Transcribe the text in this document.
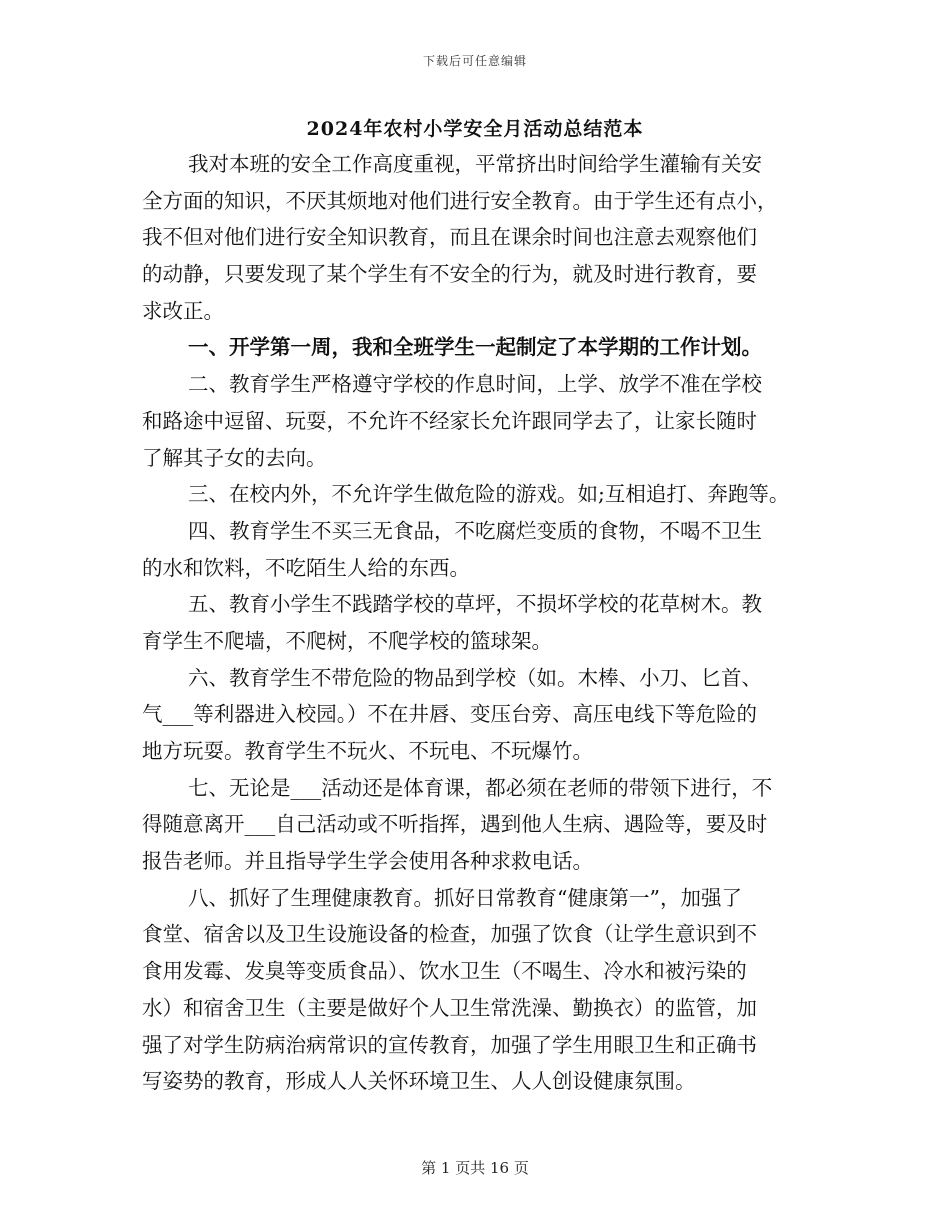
下载后可任意编辑
2024年农村小学安全月活动总结范本
我对本班的安全工作高度重视，平常挤出时间给学生灌输有关安
全方面的知识，不厌其烦地对他们进行安全教育。由于学生还有点小，
我不但对他们进行安全知识教育，而且在课余时间也注意去观察他们
的动静，只要发现了某个学生有不安全的行为，就及时进行教育，要
求改正。
一、开学第一周，我和全班学生一起制定了本学期的工作计划。
二、教育学生严格遵守学校的作息时间，上学、放学不准在学校
和路途中逗留、玩耍，不允许不经家长允许跟同学去了，让家长随时
了解其子女的去向。
三、在校内外，不允许学生做危险的游戏。如;互相追打、奔跑等。
四、教育学生不买三无食品，不吃腐烂变质的食物，不喝不卫生
的水和饮料，不吃陌生人给的东西。
五、教育小学生不践踏学校的草坪，不损坏学校的花草树木。教
育学生不爬墙，不爬树，不爬学校的篮球架。
六、教育学生不带危险的物品到学校（如。木棒、小刀、匕首、
气___等利器进入校园。）不在井唇、变压台旁、高压电线下等危险的
地方玩耍。教育学生不玩火、不玩电、不玩爆竹。
七、无论是___活动还是体育课，都必须在老师的带领下进行，不
得随意离开___自己活动或不听指挥，遇到他人生病、遇险等，要及时
报告老师。并且指导学生学会使用各种求救电话。
八、抓好了生理健康教育。抓好日常教育“健康第一”，加强了
食堂、宿舍以及卫生设施设备的检查，加强了饮食（让学生意识到不
食用发霉、发臭等变质食品）、饮水卫生（不喝生、冷水和被污染的
水）和宿舍卫生（主要是做好个人卫生常洗澡、勤换衣）的监管，加
强了对学生防病治病常识的宣传教育，加强了学生用眼卫生和正确书
写姿势的教育，形成人人关怀环境卫生、人人创设健康氛围。
第 1 页共 16 页
